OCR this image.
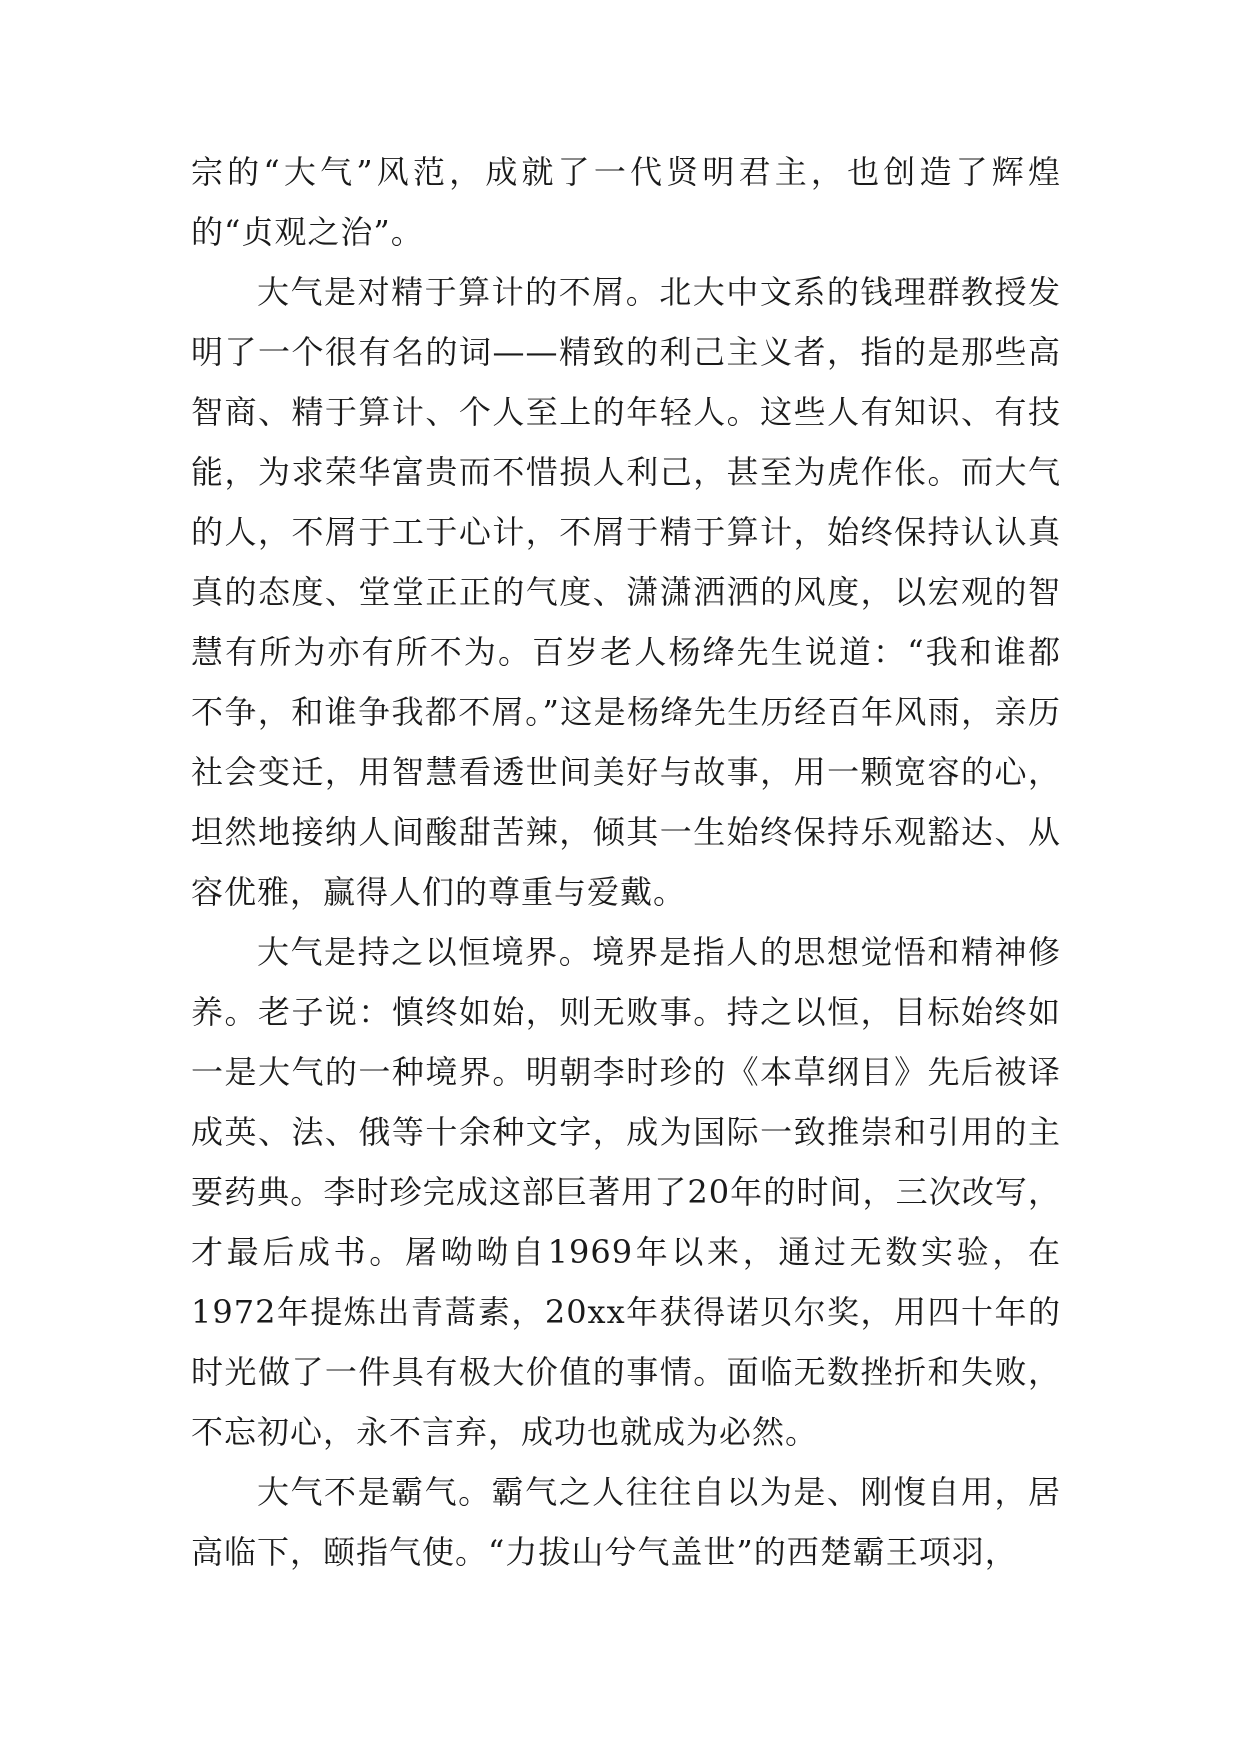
宗的“大气”风范，成就了一代贤明君主，也创造了辉煌的“贞观之治”。

大气是对精于算计的不屑。北大中文系的钱理群教授发明了一个很有名的词——精致的利己主义者，指的是那些高智商、精于算计、个人至上的年轻人。这些人有知识、有技能，为求荣华富贵而不惜损人利己，甚至为虎作伥。而大气的人，不屑于工于心计，不屑于精于算计，始终保持认认真真的态度、堂堂正正的气度、潇潇洒洒的风度，以宏观的智慧有所为亦有所不为。百岁老人杨绛先生说道：“我和谁都不争，和谁争我都不屑。”这是杨绛先生历经百年风雨，亲历社会变迁，用智慧看透世间美好与故事，用一颗宽容的心，坦然地接纳人间酸甜苦辣，倾其一生始终保持乐观豁达、从容优雅，赢得人们的尊重与爱戴。

大气是持之以恒境界。境界是指人的思想觉悟和精神修养。老子说：慎终如始，则无败事。持之以恒，目标始终如一是大气的一种境界。明朝李时珍的《本草纲目》先后被译成英、法、俄等十余种文字，成为国际一致推崇和引用的主要药典。李时珍完成这部巨著用了20年的时间，三次改写，才最后成书。屠呦呦自1969年以来，通过无数实验，在1972年提炼出青蒿素，20xx年获得诺贝尔奖，用四十年的时光做了一件具有极大价值的事情。面临无数挫折和失败，不忘初心，永不言弃，成功也就成为必然。

大气不是霸气。霸气之人往往自以为是、刚愎自用，居高临下，颐指气使。“力拔山兮气盖世”的西楚霸王项羽，
